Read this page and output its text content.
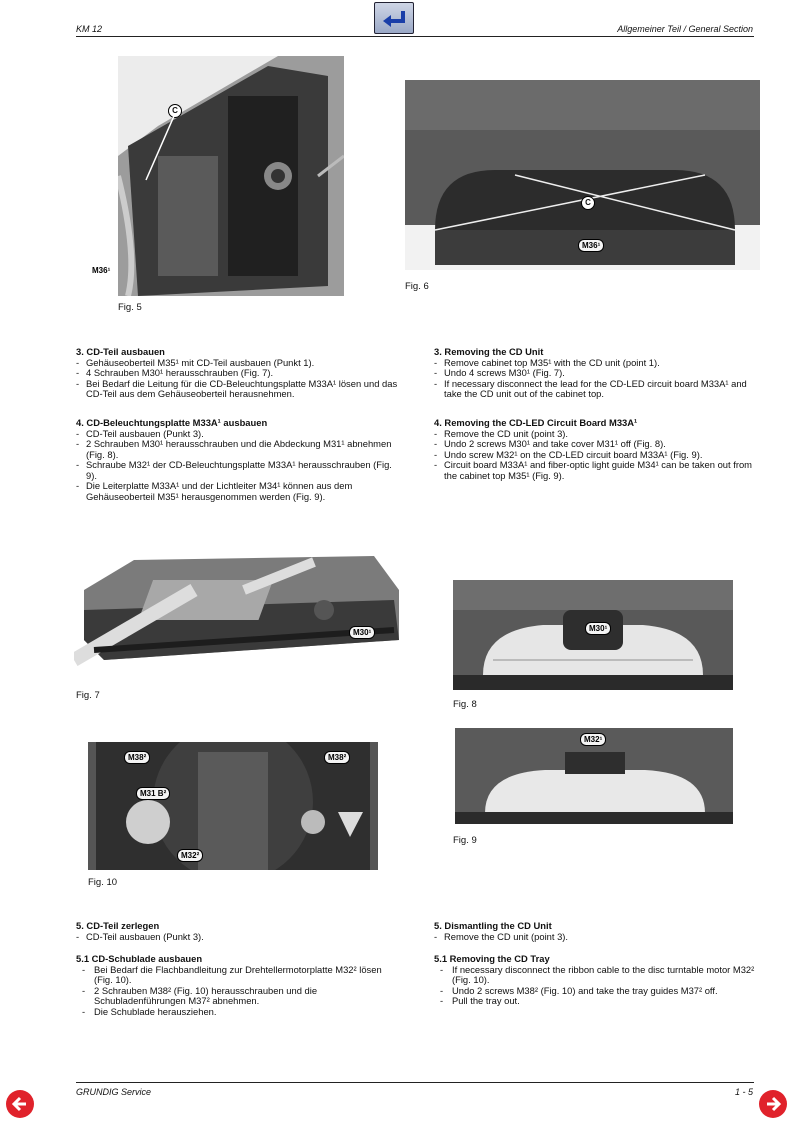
KM 12	Allgemeiner Teil / General Section
C
M36¹
Fig. 5
C
M36¹
Fig. 6
3. CD-Teil ausbauen
- Gehäuseoberteil M35¹ mit CD-Teil ausbauen (Punkt 1).
- 4 Schrauben M30¹ herausschrauben (Fig. 7).
- Bei Bedarf die Leitung für die CD-Beleuchtungsplatte M33A¹ lösen und das CD-Teil aus dem Gehäuseoberteil herausnehmen.
4. CD-Beleuchtungsplatte M33A¹ ausbauen
- CD-Teil ausbauen (Punkt 3).
- 2 Schrauben M30¹ herausschrauben und die Abdeckung M31¹ abnehmen (Fig. 8).
- Schraube M32¹ der CD-Beleuchtungsplatte M33A¹ herausschrauben (Fig. 9).
- Die Leiterplatte M33A¹ und der Lichtleiter M34¹ können aus dem Gehäuseoberteil M35¹ herausgenommen werden (Fig. 9).
3. Removing the CD Unit
- Remove cabinet top M35¹ with the CD unit (point 1).
- Undo 4 screws M30¹ (Fig. 7).
- If necessary disconnect the lead for the CD-LED circuit board M33A¹ and take the CD unit out of the cabinet top.
4. Removing the CD-LED Circuit Board M33A¹
- Remove the CD unit (point 3).
- Undo 2 screws M30¹ and take cover M31¹ off (Fig. 8).
- Undo screw M32¹ on the CD-LED circuit board M33A¹ (Fig. 9).
- Circuit board M33A¹ and fiber-optic light guide M34¹ can be taken out from the cabinet top M35¹ (Fig. 9).
M30¹
Fig. 7
M30¹
Fig. 8
M32¹
Fig. 9
M38²	M38²
M31 B²
M32²
Fig. 10
5. CD-Teil zerlegen
- CD-Teil ausbauen (Punkt 3).
5.1 CD-Schublade ausbauen
- Bei Bedarf die Flachbandleitung zur Drehtellermotorplatte M32² lösen (Fig. 10).
- 2 Schrauben M38² (Fig. 10) herausschrauben und die Schubladenführungen M37² abnehmen.
- Die Schublade herausziehen.
5. Dismantling the CD Unit
- Remove the CD unit (point 3).
5.1 Removing the CD Tray
- If necessary disconnect the ribbon cable to the disc turntable motor M32² (Fig. 10).
- Undo 2 screws M38² (Fig. 10) and take the tray guides M37² off.
- Pull the tray out.
GRUNDIG Service	1 - 5
